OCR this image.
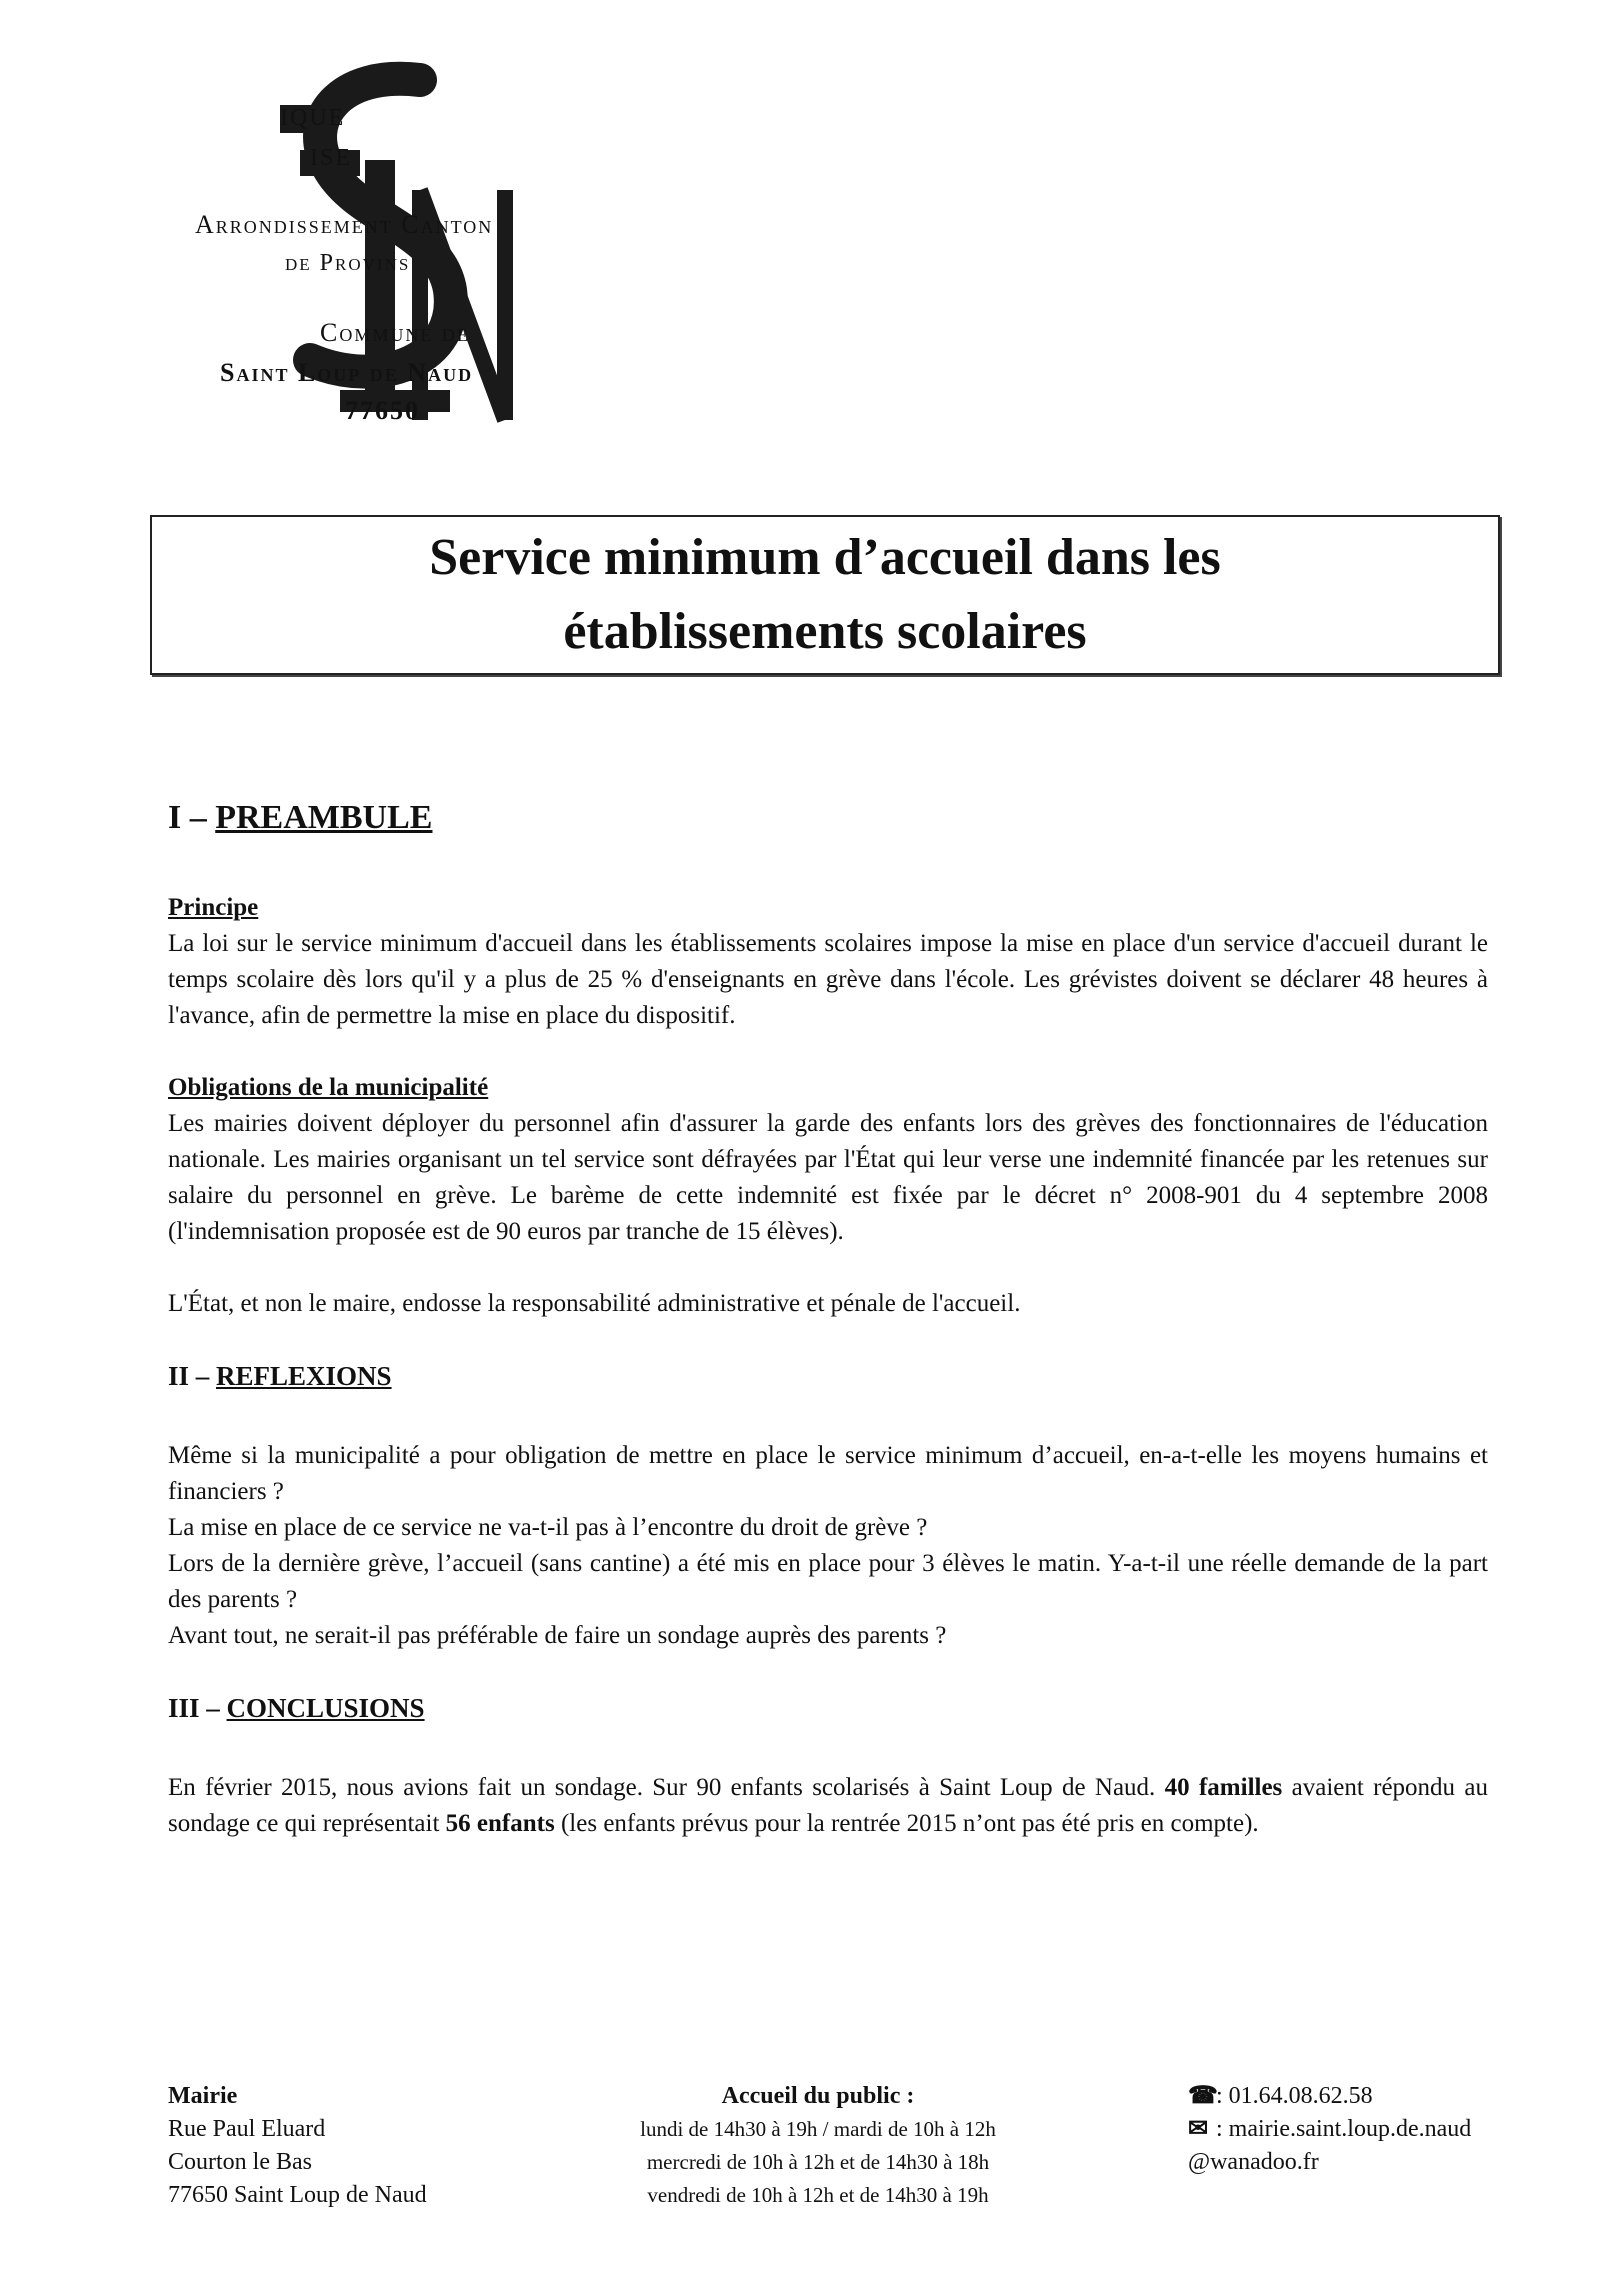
IQUE
ISE
Arrondissement Canton
de Provins
Commune de
Saint Loup de Naud
77650
Service minimum d’accueil dans les
établissements scolaires
I – PREAMBULE
Principe

La loi sur le service minimum d'accueil dans les établissements scolaires impose la mise en place d'un service d'accueil durant le temps scolaire dès lors qu'il y a plus de 25 % d'enseignants en grève dans l'école. Les grévistes doivent se déclarer 48 heures à l'avance, afin de permettre la mise en place du dispositif.

Obligations de la municipalité

Les mairies doivent déployer du personnel afin d'assurer la garde des enfants lors des grèves des fonctionnaires de l'éducation nationale. Les mairies organisant un tel service sont défrayées par l'État qui leur verse une indemnité financée par les retenues sur salaire du personnel en grève. Le barème de cette indemnité est fixée par le décret n° 2008-901 du 4 septembre 2008 (l'indemnisation proposée est de 90 euros par tranche de 15 élèves).

L'État, et non le maire, endosse la responsabilité administrative et pénale de l'accueil.

II – REFLEXIONS

Même si la municipalité a pour obligation de mettre en place le service minimum d’accueil, en-a-t-elle les moyens humains et financiers ?

La mise en place de ce service ne va-t-il pas à l’encontre du droit de grève ?

Lors de la dernière grève, l’accueil (sans cantine) a été mis en place pour 3 élèves le matin. Y-a-t-il une réelle demande de la part des parents ?

Avant tout, ne serait-il pas préférable de faire un sondage auprès des parents ?

III – CONCLUSIONS

En février 2015, nous avions fait un sondage. Sur 90 enfants scolarisés à Saint Loup de Naud. 40 familles avaient répondu au sondage ce qui représentait 56 enfants (les enfants prévus pour la rentrée 2015 n’ont pas été pris en compte).

Mairie
Rue Paul Eluard
Courton le Bas
77650 Saint Loup de Naud
Accueil du public :
lundi de 14h30 à 19h / mardi de 10h à 12h
mercredi de 10h à 12h et de 14h30 à 18h
vendredi de 10h à 12h et de 14h30 à 19h
☎ : 01.64.08.62.58
✉ : mairie.saint.loup.de.naud
@wanadoo.fr
